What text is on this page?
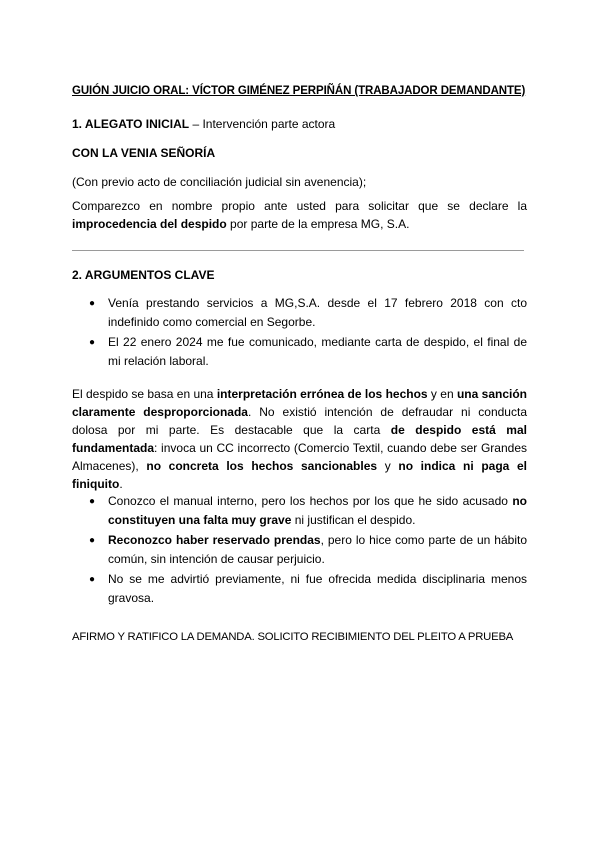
GUIÓN JUICIO ORAL: VÍCTOR GIMÉNEZ PERPIÑÁN (TRABAJADOR DEMANDANTE)
1. ALEGATO INICIAL – Intervención parte actora
CON LA VENIA SEÑORÍA
(Con previo acto de conciliación judicial sin avenencia);
Comparezco en nombre propio ante usted para solicitar que se declare la improcedencia del despido por parte de la empresa MG, S.A.
2. ARGUMENTOS CLAVE
● Venía prestando servicios a MG,S.A. desde el 17 febrero 2018 con cto indefinido como comercial en Segorbe.
● El 22 enero 2024 me fue comunicado, mediante carta de despido, el final de mi relación laboral.
El despido se basa en una interpretación errónea de los hechos y en una sanción claramente desproporcionada. No existió intención de defraudar ni conducta dolosa por mi parte. Es destacable que la carta de despido está mal fundamentada: invoca un CC incorrecto (Comercio Textil, cuando debe ser Grandes Almacenes), no concreta los hechos sancionables y no indica ni paga el finiquito.
● Conozco el manual interno, pero los hechos por los que he sido acusado no constituyen una falta muy grave ni justifican el despido.
● Reconozco haber reservado prendas, pero lo hice como parte de un hábito común, sin intención de causar perjuicio.
● No se me advirtió previamente, ni fue ofrecida medida disciplinaria menos gravosa.
AFIRMO Y RATIFICO LA DEMANDA. SOLICITO RECIBIMIENTO DEL PLEITO A PRUEBA
